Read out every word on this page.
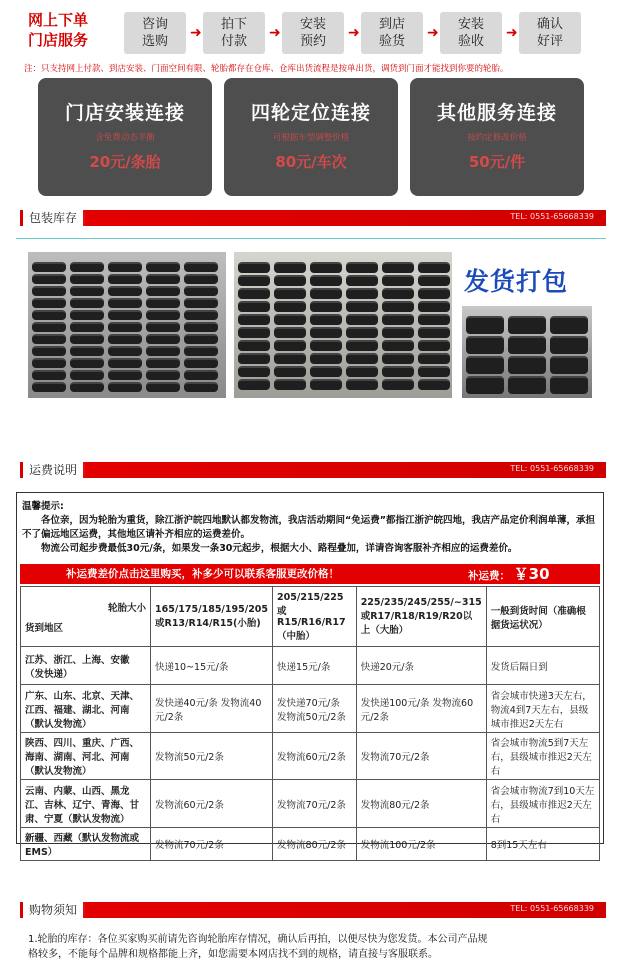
网上下单
门店服务
咨询
选购
➜
拍下
付款
➜
安装
预约
➜
到店
验货
➜
安装
验收
➜
确认
好评
注：只支持网上付款、到店安装、门面空间有限、轮胎都存在仓库、仓库出货流程是按单出货，调货到门面才能找到你要的轮胎。
门店安装连接
含免费动态平衡
20元/条胎
四轮定位连接
可根据车型调整价格
80元/车次
其他服务连接
按约定修改价格
50元/件
包装库存	TEL: 0551-65668339
发货打包
运费说明	TEL: 0551-65668339
温馨提示:
各位亲，因为轮胎为重货，除江浙沪皖四地默认都发物流，我店活动期间“免运费”都指江浙沪皖四地，我店产品定价利润单薄，承担不了偏远地区运费，其他地区请补齐相应的运费差价。
物流公司起步费最低30元/条，如果发一条30元起步，根据大小、路程叠加，详请咨询客服补齐相应的运费差价。
补运费差价点击这里购买，补多少可以联系客服更改价格！	补运费： ￥30
轮胎大小
货到地区	165/175/185/195/205或R13/R14/R15(小胎)	205/215/225或R15/R16/R17（中胎）	225/235/245/255/~315或R17/R18/R19/R20以上（大胎）	一般到货时间（准确根据货运状况）
江苏、浙江、上海、安徽（发快递）	快递10~15元/条	快递15元/条	快递20元/条	发货后隔日到
广东、山东、北京、天津、江西、福建、湖北、河南（默认发物流）	发快递40元/条 发物流40元/2条	发快递70元/条 发物流50元/2条	发快递100元/条 发物流60元/2条	省会城市快递3天左右，物流4到7天左右，县级城市推迟2天左右
陕西、四川、重庆、广西、海南、湖南、河北、河南（默认发物流）	发物流50元/2条	发物流60元/2条	发物流70元/2条	省会城市物流5到7天左右，县级城市推迟2天左右
云南、内蒙、山西、黑龙江、吉林、辽宁、青海、甘肃、宁夏（默认发物流）	发物流60元/2条	发物流70元/2条	发物流80元/2条	省会城市物流7到10天左右，县级城市推迟2天左右
新疆、西藏（默认发物流或EMS）	发物流70元/2条	发物流80元/2条	发物流100元/2条	8到15天左右
购物须知	TEL: 0551-65668339
1.轮胎的库存：各位买家购买前请先咨询轮胎库存情况，确认后再拍，以便尽快为您发货。本公司产品规
格较多，不能每个品牌和规格都能上齐，如您需要本网店找不到的规格，请直接与客服联系。
